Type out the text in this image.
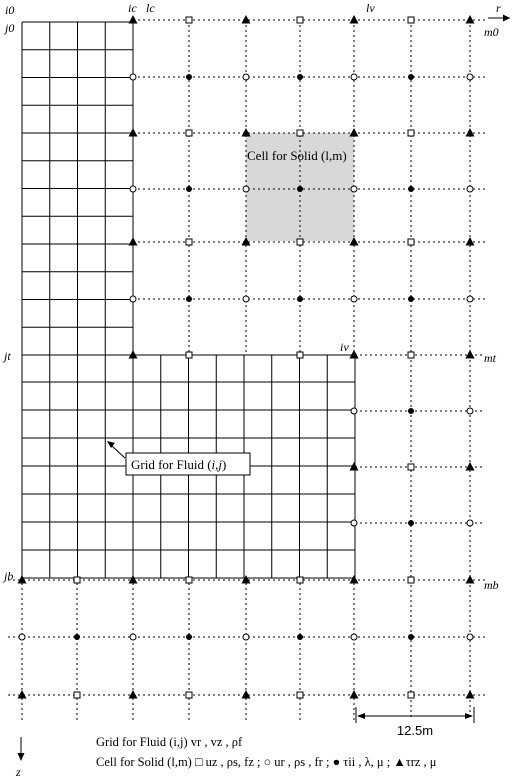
12.5m
i0
j0
ic lc	lv	r
m0
jt
iv
mt
jb
mb
z
Cell for Solid (l,m)
Grid for Fluid (i,j)
Grid for Fluid (i,j) vr , vz , ρf
Cell for Solid (l,m) □ uz , ρs, fz ; ○ ur , ρs , fr ; ● τii , λ, μ ; ▲τrz , μ
